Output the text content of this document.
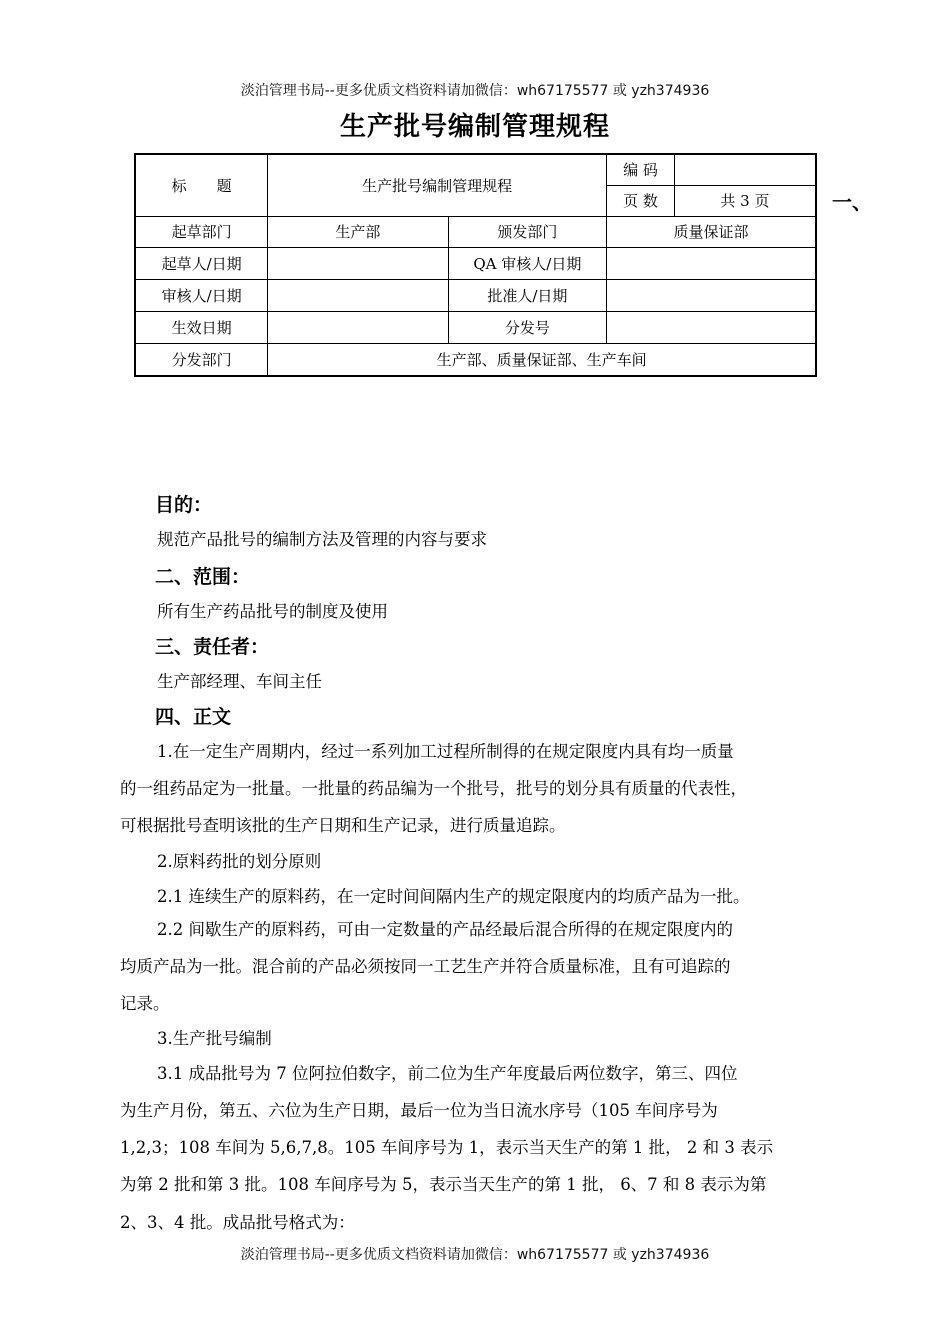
淡泊管理书局--更多优质文档资料请加微信：wh67175577 或 yzh374936
生产批号编制管理规程
标　　题	生产批号编制管理规程		编 码	
			页 数	共 3 页
起草部门	生产部	颁发部门	质量保证部	
起草人/日期		QA 审核人/日期		
审核人/日期		批准人/日期		
生效日期		分发号		
分发部门	生产部、质量保证部、生产车间			
一、
目的：
规范产品批号的编制方法及管理的内容与要求
二、范围：
所有生产药品批号的制度及使用
三、责任者：
生产部经理、车间主任
四、正文
1.在一定生产周期内，经过一系列加工过程所制得的在规定限度内具有均一质量
的一组药品定为一批量。一批量的药品编为一个批号，批号的划分具有质量的代表性，
可根据批号查明该批的生产日期和生产记录，进行质量追踪。
2.原料药批的划分原则
2.1 连续生产的原料药，在一定时间间隔内生产的规定限度内的均质产品为一批。
2.2 间歇生产的原料药，可由一定数量的产品经最后混合所得的在规定限度内的
均质产品为一批。混合前的产品必须按同一工艺生产并符合质量标准，且有可追踪的
记录。
3.生产批号编制
3.1 成品批号为 7 位阿拉伯数字，前二位为生产年度最后两位数字，第三、四位
为生产月份，第五、六位为生产日期，最后一位为当日流水序号（105 车间序号为
1,2,3；108 车间为 5,6,7,8。105 车间序号为 1，表示当天生产的第 1 批， 2 和 3 表示
为第 2 批和第 3 批。108 车间序号为 5，表示当天生产的第 1 批， 6、7 和 8 表示为第
2、3、4 批。成品批号格式为：
淡泊管理书局--更多优质文档资料请加微信：wh67175577 或 yzh374936
